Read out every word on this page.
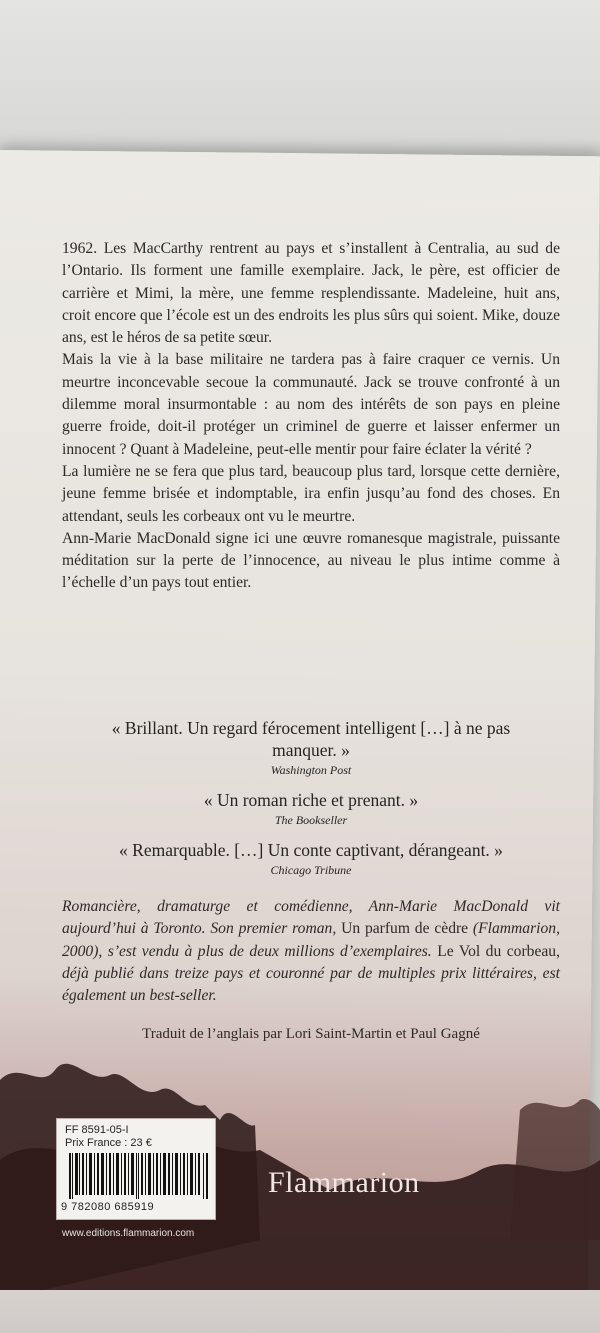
1962. Les MacCarthy rentrent au pays et s’installent à Centralia, au sud de l’Ontario. Ils forment une famille exemplaire. Jack, le père, est officier de carrière et Mimi, la mère, une femme resplendissante. Madeleine, huit ans, croit encore que l’école est un des endroits les plus sûrs qui soient. Mike, douze ans, est le héros de sa petite sœur.

Mais la vie à la base militaire ne tardera pas à faire craquer ce vernis. Un meurtre inconcevable secoue la communauté. Jack se trouve confronté à un dilemme moral insurmontable : au nom des intérêts de son pays en pleine guerre froide, doit-il protéger un criminel de guerre et laisser enfermer un innocent ? Quant à Madeleine, peut-elle mentir pour faire éclater la vérité ?

La lumière ne se fera que plus tard, beaucoup plus tard, lorsque cette dernière, jeune femme brisée et indomptable, ira enfin jusqu’au fond des choses. En attendant, seuls les corbeaux ont vu le meurtre.

Ann-Marie MacDonald signe ici une œuvre romanesque magistrale, puissante méditation sur la perte de l’innocence, au niveau le plus intime comme à l’échelle d’un pays tout entier.

« Brillant. Un regard férocement intelligent […] à ne pas manquer. »

Washington Post

« Un roman riche et prenant. »

The Bookseller

« Remarquable. […] Un conte captivant, dérangeant. »

Chicago Tribune

Romancière, dramaturge et comédienne, Ann-Marie MacDonald vit aujourd’hui à Toronto. Son premier roman, Un parfum de cèdre (Flammarion, 2000), s’est vendu à plus de deux millions d’exemplaires. Le Vol du corbeau, déjà publié dans treize pays et couronné par de multiples prix littéraires, est également un best-seller.
Traduit de l’anglais par Lori Saint-Martin et Paul Gagné
FF 8591-05-I
Prix France : 23 €
9 782080 685919
www.editions.flammarion.com
Flammarion
